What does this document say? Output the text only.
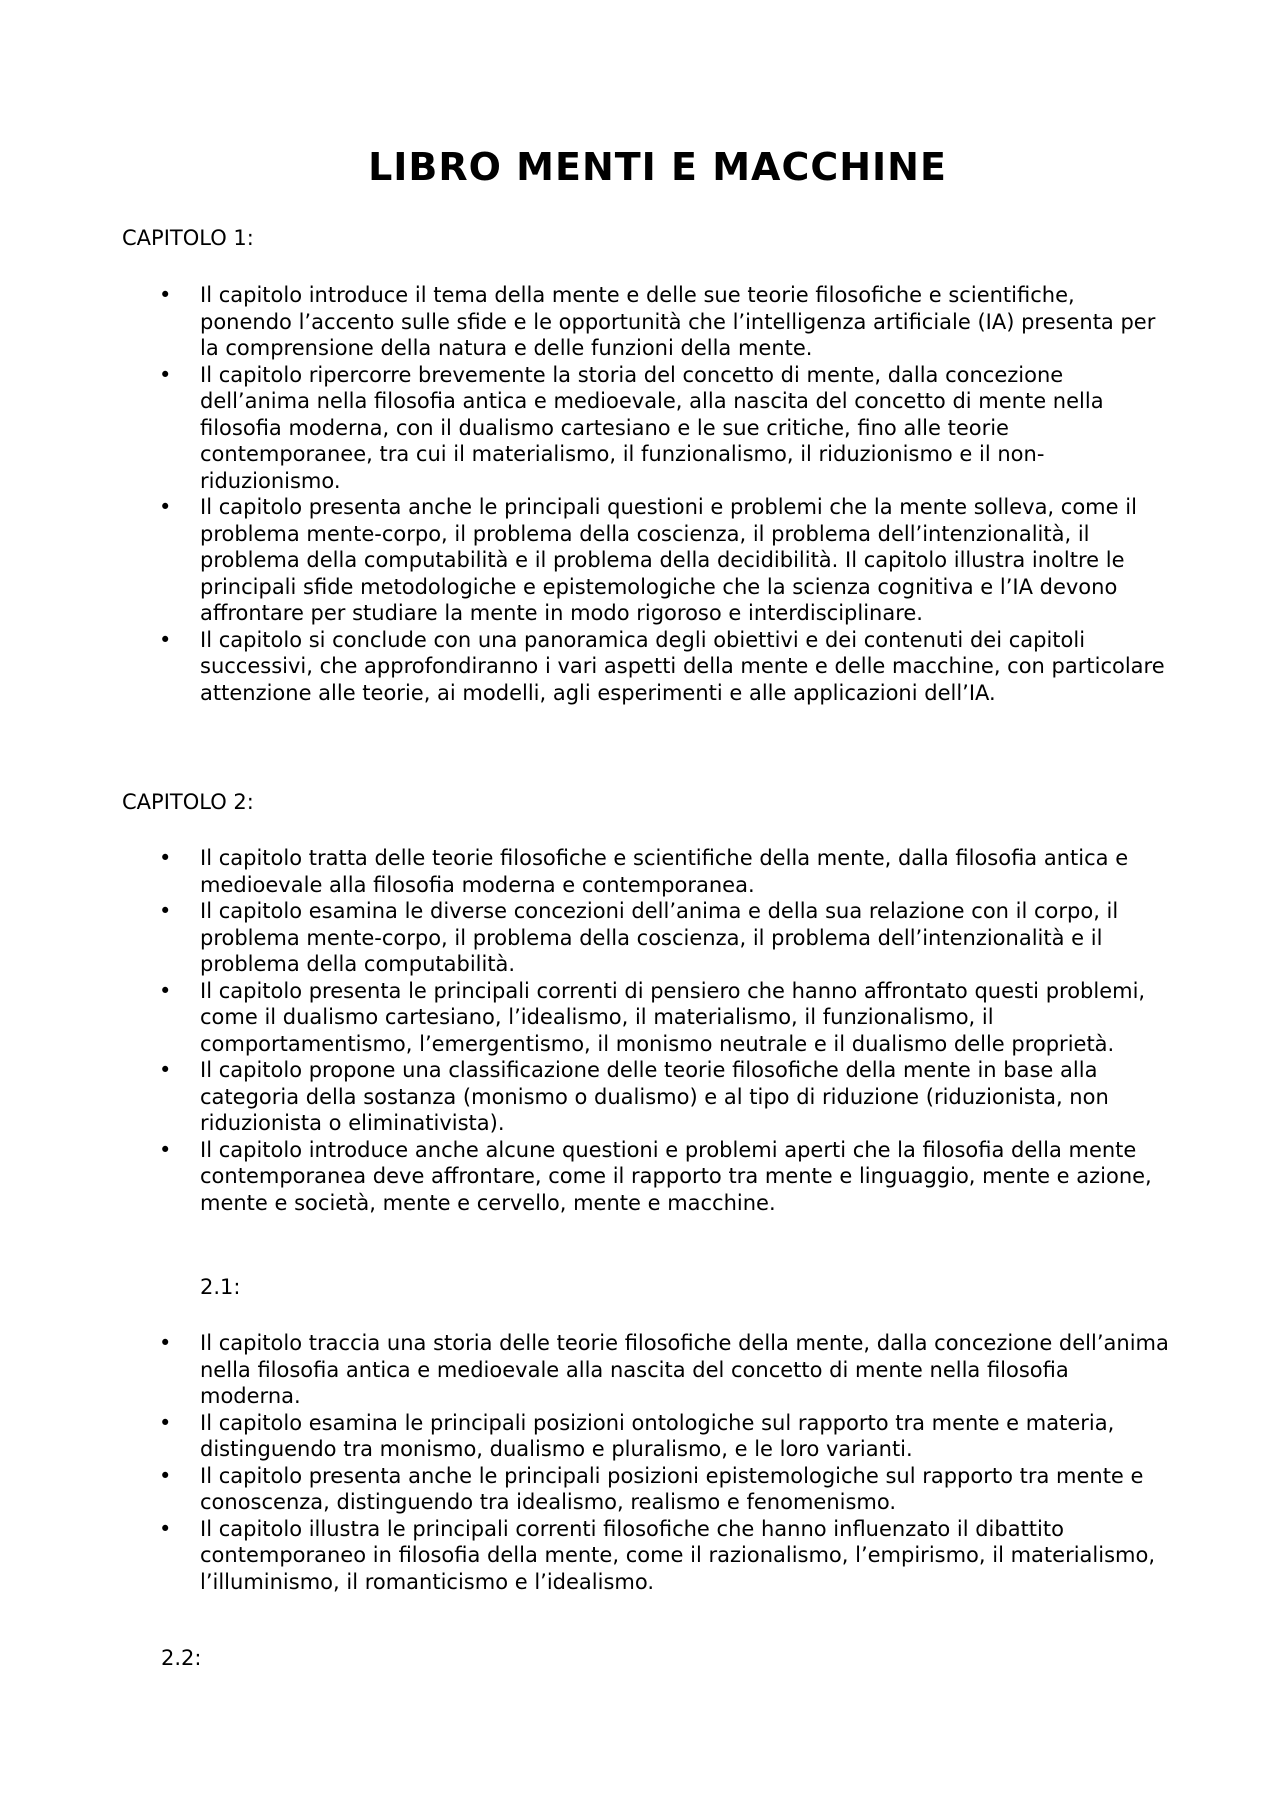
LIBRO MENTI E MACCHINE
CAPITOLO 1:
• Il capitolo introduce il tema della mente e delle sue teorie filosofiche e scientifiche, ponendo l’accento sulle sfide e le opportunità che l’intelligenza artificiale (IA) presenta per la comprensione della natura e delle funzioni della mente.
• Il capitolo ripercorre brevemente la storia del concetto di mente, dalla concezione dell’anima nella filosofia antica e medioevale, alla nascita del concetto di mente nella filosofia moderna, con il dualismo cartesiano e le sue critiche, fino alle teorie contemporanee, tra cui il materialismo, il funzionalismo, il riduzionismo e il non-riduzionismo.
• Il capitolo presenta anche le principali questioni e problemi che la mente solleva, come il problema mente-corpo, il problema della coscienza, il problema dell’intenzionalità, il problema della computabilità e il problema della decidibilità. Il capitolo illustra inoltre le principali sfide metodologiche e epistemologiche che la scienza cognitiva e l’IA devono affrontare per studiare la mente in modo rigoroso e interdisciplinare.
• Il capitolo si conclude con una panoramica degli obiettivi e dei contenuti dei capitoli successivi, che approfondiranno i vari aspetti della mente e delle macchine, con particolare attenzione alle teorie, ai modelli, agli esperimenti e alle applicazioni dell’IA.
CAPITOLO 2:
• Il capitolo tratta delle teorie filosofiche e scientifiche della mente, dalla filosofia antica e medioevale alla filosofia moderna e contemporanea.
• Il capitolo esamina le diverse concezioni dell’anima e della sua relazione con il corpo, il problema mente-corpo, il problema della coscienza, il problema dell’intenzionalità e il problema della computabilità.
• Il capitolo presenta le principali correnti di pensiero che hanno affrontato questi problemi, come il dualismo cartesiano, l’idealismo, il materialismo, il funzionalismo, il comportamentismo, l’emergentismo, il monismo neutrale e il dualismo delle proprietà.
• Il capitolo propone una classificazione delle teorie filosofiche della mente in base alla categoria della sostanza (monismo o dualismo) e al tipo di riduzione (riduzionista, non riduzionista o eliminativista).
• Il capitolo introduce anche alcune questioni e problemi aperti che la filosofia della mente contemporanea deve affrontare, come il rapporto tra mente e linguaggio, mente e azione, mente e società, mente e cervello, mente e macchine.
2.1:
• Il capitolo traccia una storia delle teorie filosofiche della mente, dalla concezione dell’anima nella filosofia antica e medioevale alla nascita del concetto di mente nella filosofia moderna.
• Il capitolo esamina le principali posizioni ontologiche sul rapporto tra mente e materia, distinguendo tra monismo, dualismo e pluralismo, e le loro varianti.
• Il capitolo presenta anche le principali posizioni epistemologiche sul rapporto tra mente e conoscenza, distinguendo tra idealismo, realismo e fenomenismo.
• Il capitolo illustra le principali correnti filosofiche che hanno influenzato il dibattito contemporaneo in filosofia della mente, come il razionalismo, l’empirismo, il materialismo, l’illuminismo, il romanticismo e l’idealismo.
2.2:
